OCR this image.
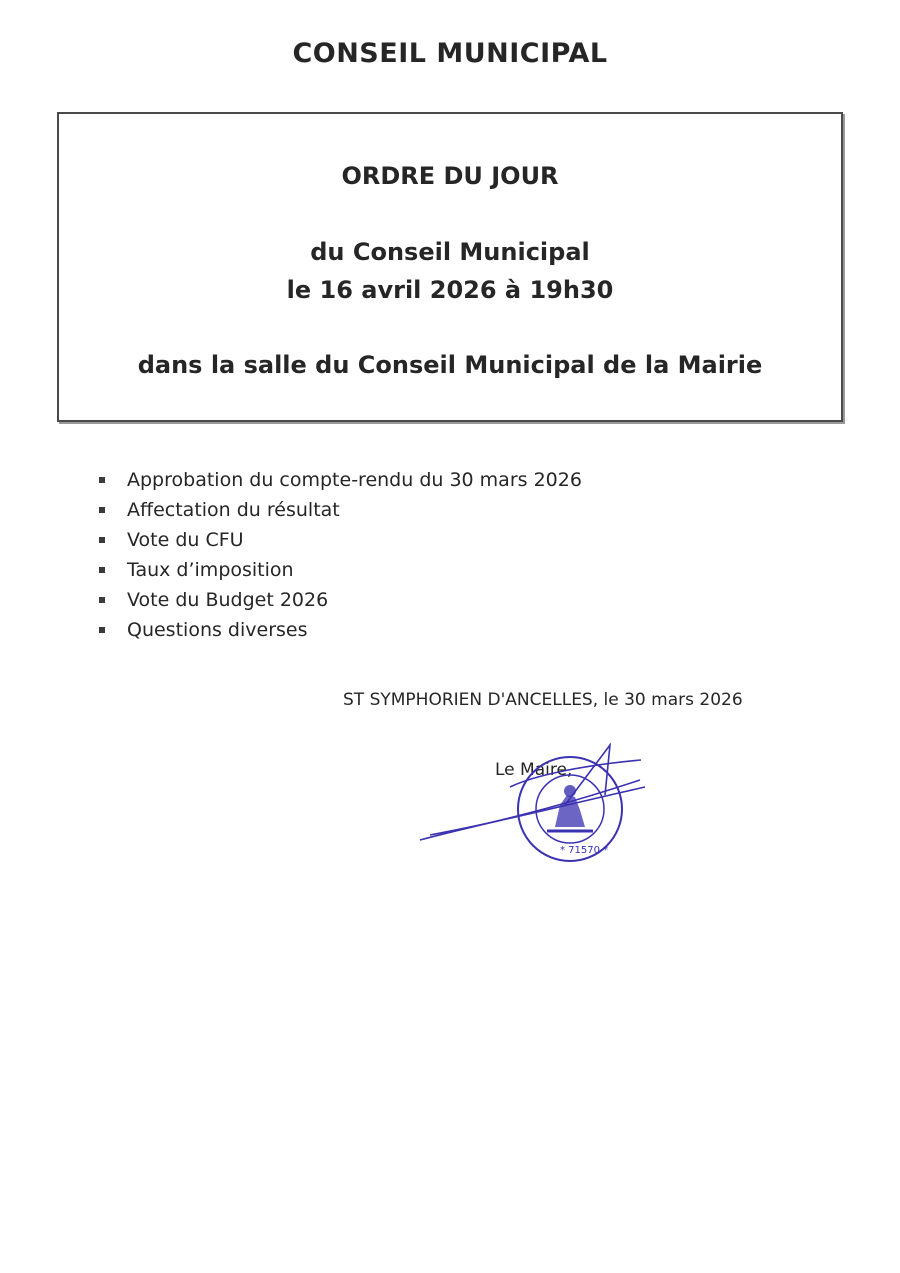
CONSEIL MUNICIPAL
ORDRE DU JOUR
du Conseil Municipal
le 16 avril 2026 à 19h30
dans la salle du Conseil Municipal de la Mairie
Approbation du compte-rendu du 30 mars 2026
Affectation du résultat
Vote du CFU
Taux d’imposition
Vote du Budget 2026
Questions diverses
ST SYMPHORIEN D'ANCELLES, le 30 mars 2026
Le Maire,
* 71570 *
